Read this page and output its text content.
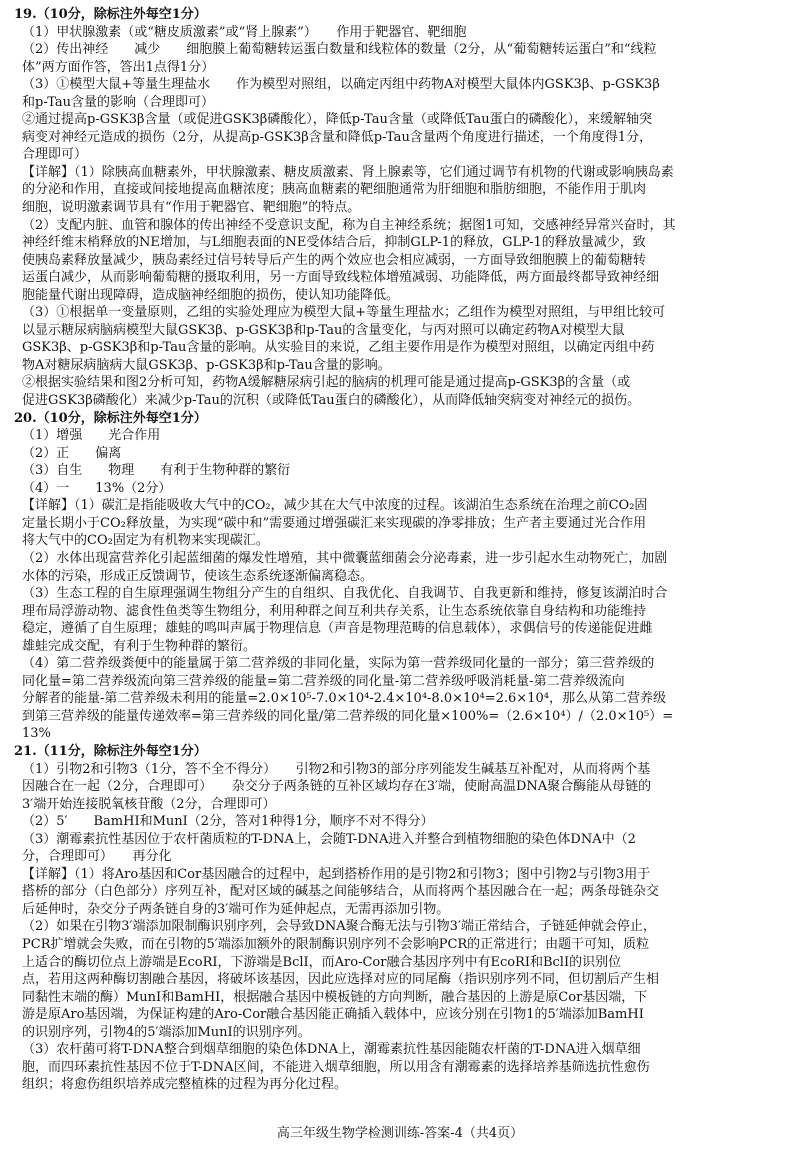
19.（10分，除标注外每空1分）
（1）甲状腺激素（或“糖皮质激素”或“肾上腺素”）　　作用于靶器官、靶细胞
（2）传出神经　　减少　　细胞膜上葡萄糖转运蛋白数量和线粒体的数量（2分，从“葡萄糖转运蛋白”和“线粒
体”两方面作答，答出1点得1分）
（3）①模型大鼠+等量生理盐水　　作为模型对照组，以确定丙组中药物A对模型大鼠体内GSK3β、p-GSK3β
和p-Tau含量的影响（合理即可）
②通过提高p-GSK3β含量（或促进GSK3β磷酸化），降低p-Tau含量（或降低Tau蛋白的磷酸化），来缓解轴突
病变对神经元造成的损伤（2分，从提高p-GSK3β含量和降低p-Tau含量两个角度进行描述，一个角度得1分，
合理即可）
【详解】（1）除胰高血糖素外，甲状腺激素、糖皮质激素、肾上腺素等，它们通过调节有机物的代谢或影响胰岛素
的分泌和作用，直接或间接地提高血糖浓度；胰高血糖素的靶细胞通常为肝细胞和脂肪细胞，不能作用于肌肉
细胞，说明激素调节具有“作用于靶器官、靶细胞”的特点。
（2）支配内脏、血管和腺体的传出神经不受意识支配，称为自主神经系统；据图1可知，交感神经异常兴奋时，其
神经纤维末梢释放的NE增加，与L细胞表面的NE受体结合后，抑制GLP-1的释放，GLP-1的释放量减少，致
使胰岛素释放量减少，胰岛素经过信号转导后产生的两个效应也会相应减弱，一方面导致细胞膜上的葡萄糖转
运蛋白减少，从而影响葡萄糖的摄取利用，另一方面导致线粒体增殖减弱、功能降低，两方面最终都导致神经细
胞能量代谢出现障碍，造成脑神经细胞的损伤，使认知功能降低。
（3）①根据单一变量原则，乙组的实验处理应为模型大鼠+等量生理盐水；乙组作为模型对照组，与甲组比较可
以显示糖尿病脑病模型大鼠GSK3β、p-GSK3β和p-Tau的含量变化，与丙对照可以确定药物A对模型大鼠
GSK3β、p-GSK3β和p-Tau含量的影响。从实验目的来说，乙组主要作用是作为模型对照组，以确定丙组中药
物A对糖尿病脑病大鼠GSK3β、p-GSK3β和p-Tau含量的影响。
②根据实验结果和图2分析可知，药物A缓解糖尿病引起的脑病的机理可能是通过提高p-GSK3β的含量（或
促进GSK3β磷酸化）来减少p-Tau的沉积（或降低Tau蛋白的磷酸化），从而降低轴突病变对神经元的损伤。
20.（10分，除标注外每空1分）
（1）增强　　光合作用
（2）正　　偏离
（3）自生　　物理　　有利于生物种群的繁衍
（4）一　　13%（2分）
【详解】（1）碳汇是指能吸收大气中的CO₂，减少其在大气中浓度的过程。该湖泊生态系统在治理之前CO₂固
定量长期小于CO₂释放量，为实现“碳中和”需要通过增强碳汇来实现碳的净零排放；生产者主要通过光合作用
将大气中的CO₂固定为有机物来实现碳汇。
（2）水体出现富营养化引起蓝细菌的爆发性增殖，其中微囊蓝细菌会分泌毒素，进一步引起水生动物死亡，加剧
水体的污染，形成正反馈调节，使该生态系统逐渐偏离稳态。
（3）生态工程的自生原理强调生物组分产生的自组织、自我优化、自我调节、自我更新和维持，修复该湖泊时合
理布局浮游动物、滤食性鱼类等生物组分，利用种群之间互利共存关系，让生态系统依靠自身结构和功能维持
稳定，遵循了自生原理；雄蛙的鸣叫声属于物理信息（声音是物理范畴的信息载体），求偶信号的传递能促进雌
雄蛙完成交配，有利于生物种群的繁衍。
（4）第二营养级粪便中的能量属于第二营养级的非同化量，实际为第一营养级同化量的一部分；第三营养级的
同化量=第二营养级流向第三营养级的能量=第二营养级的同化量-第二营养级呼吸消耗量-第二营养级流向
分解者的能量-第二营养级未利用的能量=2.0×10⁵-7.0×10⁴-2.4×10⁴-8.0×10⁴=2.6×10⁴，那么从第二营养级
到第三营养级的能量传递效率=第三营养级的同化量/第二营养级的同化量×100%=（2.6×10⁴）/（2.0×10⁵）=
13%
21.（11分，除标注外每空1分）
（1）引物2和引物3（1分，答不全不得分）　　引物2和引物3的部分序列能发生碱基互补配对，从而将两个基
因融合在一起（2分，合理即可）　　杂交分子两条链的互补区域均存在3′端，使耐高温DNA聚合酶能从母链的
3′端开始连接脱氧核苷酸（2分，合理即可）
（2）5′　　BamHⅠ和MunⅠ（2分，答对1种得1分，顺序不对不得分）
（3）潮霉素抗性基因位于农杆菌质粒的T-DNA上，会随T-DNA进入并整合到植物细胞的染色体DNA中（2
分，合理即可）　　再分化
【详解】（1）将Aro基因和Cor基因融合的过程中，起到搭桥作用的是引物2和引物3；图中引物2与引物3用于
搭桥的部分（白色部分）序列互补，配对区域的碱基之间能够结合，从而将两个基因融合在一起；两条母链杂交
后延伸时，杂交分子两条链自身的3′端可作为延伸起点，无需再添加引物。
（2）如果在引物3′端添加限制酶识别序列，会导致DNA聚合酶无法与引物3′端正常结合，子链延伸就会停止，
PCR扩增就会失败，而在引物的5′端添加额外的限制酶识别序列不会影响PCR的正常进行；由题干可知，质粒
上适合的酶切位点上游端是EcoRⅠ，下游端是BclⅠ，而Aro-Cor融合基因序列中有EcoRⅠ和BclⅠ的识别位
点，若用这两种酶切割融合基因，将破坏该基因，因此应选择对应的同尾酶（指识别序列不同，但切割后产生相
同黏性末端的酶）MunⅠ和BamHⅠ，根据融合基因中模板链的方向判断，融合基因的上游是原Cor基因端，下
游是原Aro基因端，为保证构建的Aro-Cor融合基因能正确插入载体中，应该分别在引物1的5′端添加BamHⅠ
的识别序列，引物4的5′端添加MunⅠ的识别序列。
（3）农杆菌可将T-DNA整合到烟草细胞的染色体DNA上，潮霉素抗性基因能随农杆菌的T-DNA进入烟草细
胞，而四环素抗性基因不位于T-DNA区间，不能进入烟草细胞，所以用含有潮霉素的选择培养基筛选抗性愈伤
组织；将愈伤组织培养成完整植株的过程为再分化过程。
高三年级生物学检测训练-答案-4（共4页）
